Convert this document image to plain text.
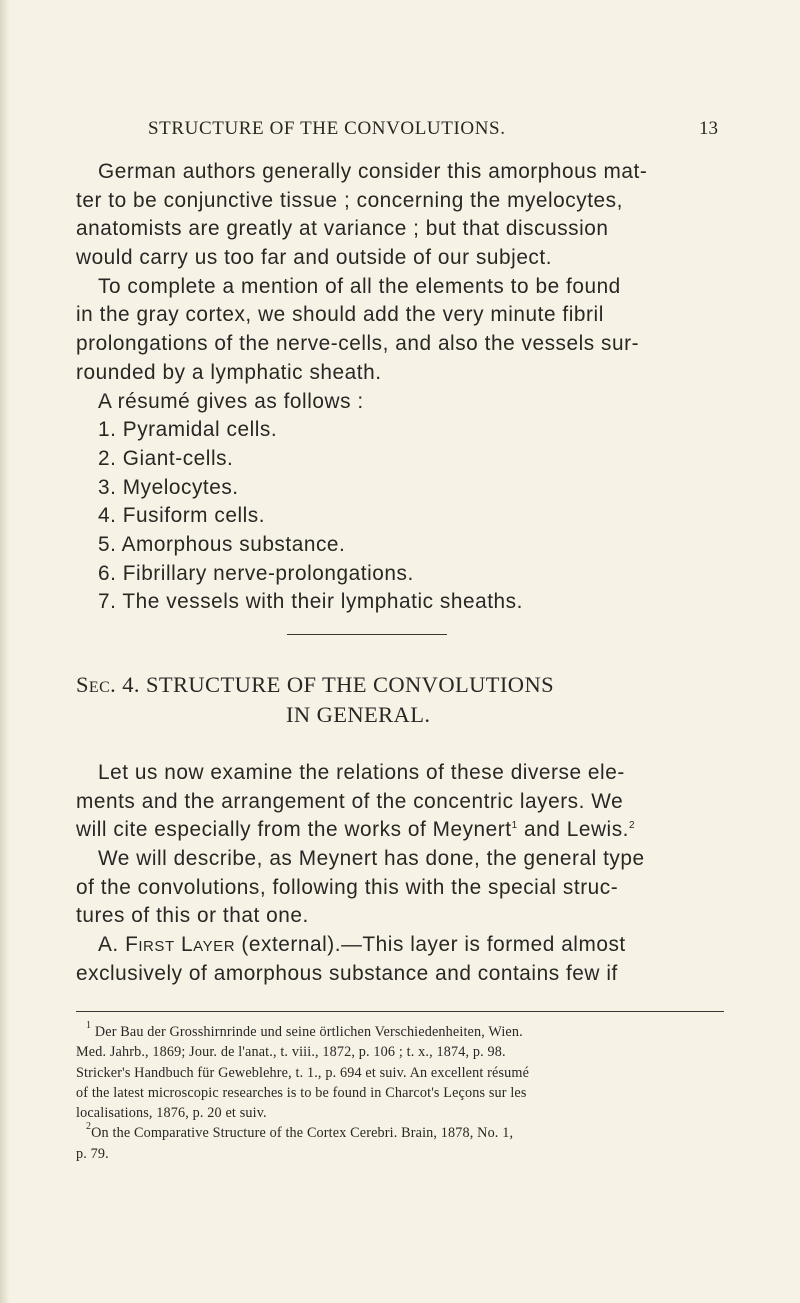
STRUCTURE OF THE CONVOLUTIONS.	13
German authors generally consider this amorphous mat-
ter to be conjunctive tissue ; concerning the myelocytes,
anatomists are greatly at variance ; but that discussion
would carry us too far and outside of our subject.
To complete a mention of all the elements to be found
in the gray cortex, we should add the very minute fibril
prolongations of the nerve-cells, and also the vessels sur-
rounded by a lymphatic sheath.
A résumé gives as follows :
1. Pyramidal cells.
2. Giant-cells.
3. Myelocytes.
4. Fusiform cells.
5. Amorphous substance.
6. Fibrillary nerve-prolongations.
7. The vessels with their lymphatic sheaths.
Sec. 4. STRUCTURE OF THE CONVOLUTIONS
IN GENERAL.
Let us now examine the relations of these diverse ele-
ments and the arrangement of the concentric layers. We
will cite especially from the works of Meynert$^1$ and Lewis.$^2$
We will describe, as Meynert has done, the general type
of the convolutions, following this with the special struc-
tures of this or that one.
A. First Layer (external).—This layer is formed almost
exclusively of amorphous substance and contains few if
$^1$ Der Bau der Grosshirnrinde und seine örtlichen Verschiedenheiten, Wien.
Med. Jahrb., 1869; Jour. de l'anat., t. viii., 1872, p. 106 ; t. x., 1874, p. 98.
Stricker's Handbuch für Geweblehre, t. 1., p. 694 et suiv. An excellent résumé
of the latest microscopic researches is to be found in Charcot's Leçons sur les
localisations, 1876, p. 20 et suiv.
$^2$On the Comparative Structure of the Cortex Cerebri. Brain, 1878, No. 1,
p. 79.
